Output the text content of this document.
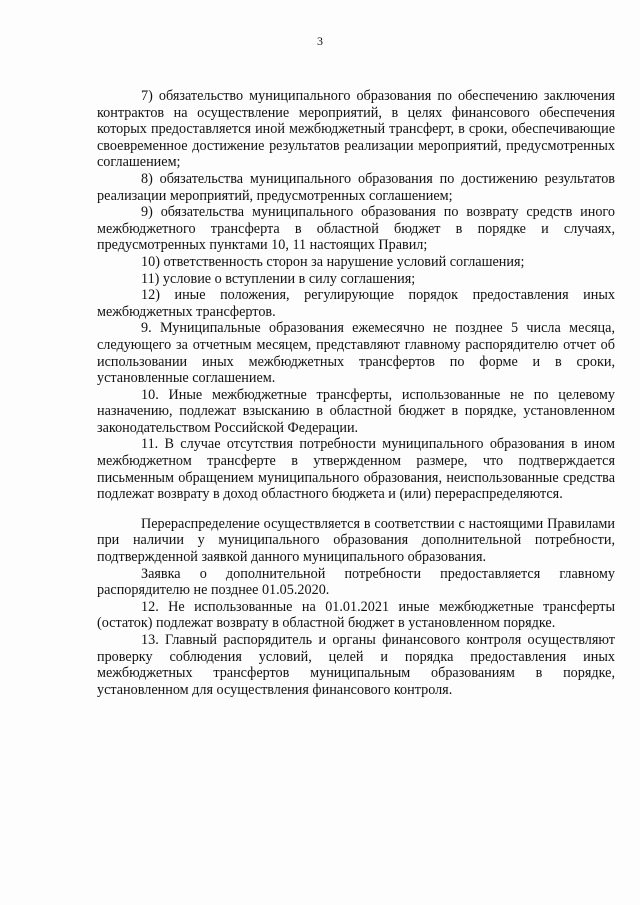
3

7) обязательство муниципального образования по обеспечению заключения контрактов на осуществление мероприятий, в целях финансового обеспечения которых предоставляется иной межбюджетный трансферт, в сроки, обеспечивающие своевременное достижение результатов реализации мероприятий, предусмотренных соглашением;

8) обязательства муниципального образования по достижению результатов реализации мероприятий, предусмотренных соглашением;

9) обязательства муниципального образования по возврату средств иного межбюджетного трансферта в областной бюджет в порядке и случаях, предусмотренных пунктами 10, 11 настоящих Правил;

10) ответственность сторон за нарушение условий соглашения;

11) условие о вступлении в силу соглашения;

12) иные положения, регулирующие порядок предоставления иных межбюджетных трансфертов.

9. Муниципальные образования ежемесячно не позднее 5 числа месяца, следующего за отчетным месяцем, представляют главному распорядителю отчет об использовании иных межбюджетных трансфертов по форме и в сроки, установленные соглашением.

10. Иные межбюджетные трансферты, использованные не по целевому назначению, подлежат взысканию в областной бюджет в порядке, установленном законодательством Российской Федерации.

11. В случае отсутствия потребности муниципального образования в ином межбюджетном трансферте в утвержденном размере, что подтверждается письменным обращением муниципального образования, неиспользованные средства подлежат возврату в доход областного бюджета и (или) перераспределяются.

Перераспределение осуществляется в соответствии с настоящими Правилами при наличии у муниципального образования дополнительной потребности, подтвержденной заявкой данного муниципального образования.

Заявка о дополнительной потребности предоставляется главному распорядителю не позднее 01.05.2020.

12. Не использованные на 01.01.2021 иные межбюджетные трансферты (остаток) подлежат возврату в областной бюджет в установленном порядке.

13. Главный распорядитель и органы финансового контроля осуществляют проверку соблюдения условий, целей и порядка предоставления иных межбюджетных трансфертов муниципальным образованиям в порядке, установленном для осуществления финансового контроля.
